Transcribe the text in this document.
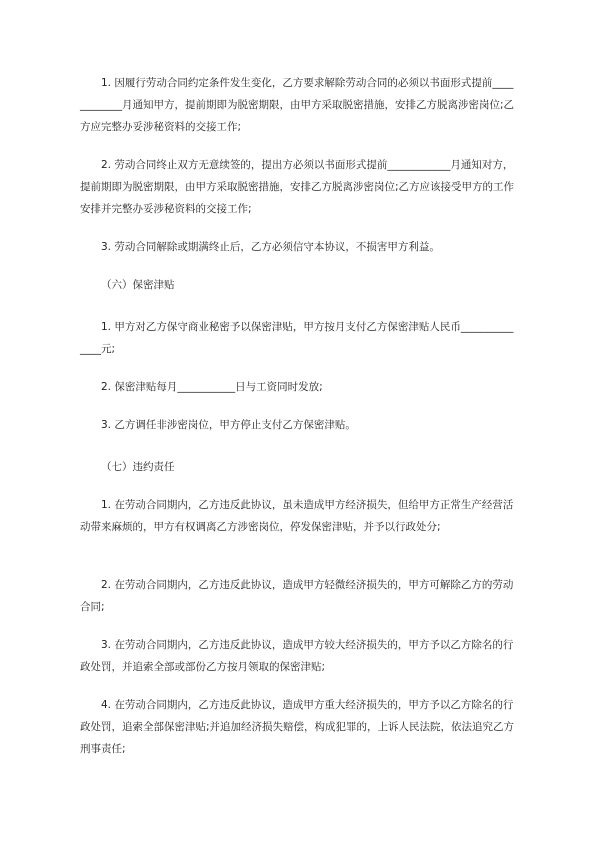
1. 因履行劳动合同约定条件发生变化，乙方要求解除劳动合同的必须以书面形式提前____________月通知甲方，提前期即为脱密期限，由甲方采取脱密措施，安排乙方脱离涉密岗位;乙方应完整办妥涉秘资料的交接工作;

2. 劳动合同终止双方无意续签的，提出方必须以书面形式提前____________月通知对方，提前期即为脱密期限，由甲方采取脱密措施，安排乙方脱离涉密岗位;乙方应该接受甲方的工作安排并完整办妥涉秘资料的交接工作;

3. 劳动合同解除或期满终止后，乙方必须信守本协议，不损害甲方利益。

（六）保密津贴

1. 甲方对乙方保守商业秘密予以保密津贴，甲方按月支付乙方保密津贴人民币______________元;

2. 保密津贴每月___________日与工资同时发放;

3. 乙方调任非涉密岗位，甲方停止支付乙方保密津贴。

（七）违约责任

1. 在劳动合同期内，乙方违反此协议，虽未造成甲方经济损失，但给甲方正常生产经营活动带来麻烦的，甲方有权调离乙方涉密岗位，停发保密津贴，并予以行政处分;

2. 在劳动合同期内，乙方违反此协议，造成甲方轻微经济损失的，甲方可解除乙方的劳动合同;

3. 在劳动合同期内，乙方违反此协议，造成甲方较大经济损失的，甲方予以乙方除名的行政处罚，并追索全部或部份乙方按月领取的保密津贴;

4. 在劳动合同期内，乙方违反此协议，造成甲方重大经济损失的，甲方予以乙方除名的行政处罚，追索全部保密津贴;并追加经济损失赔偿，构成犯罪的，上诉人民法院，依法追究乙方刑事责任;
